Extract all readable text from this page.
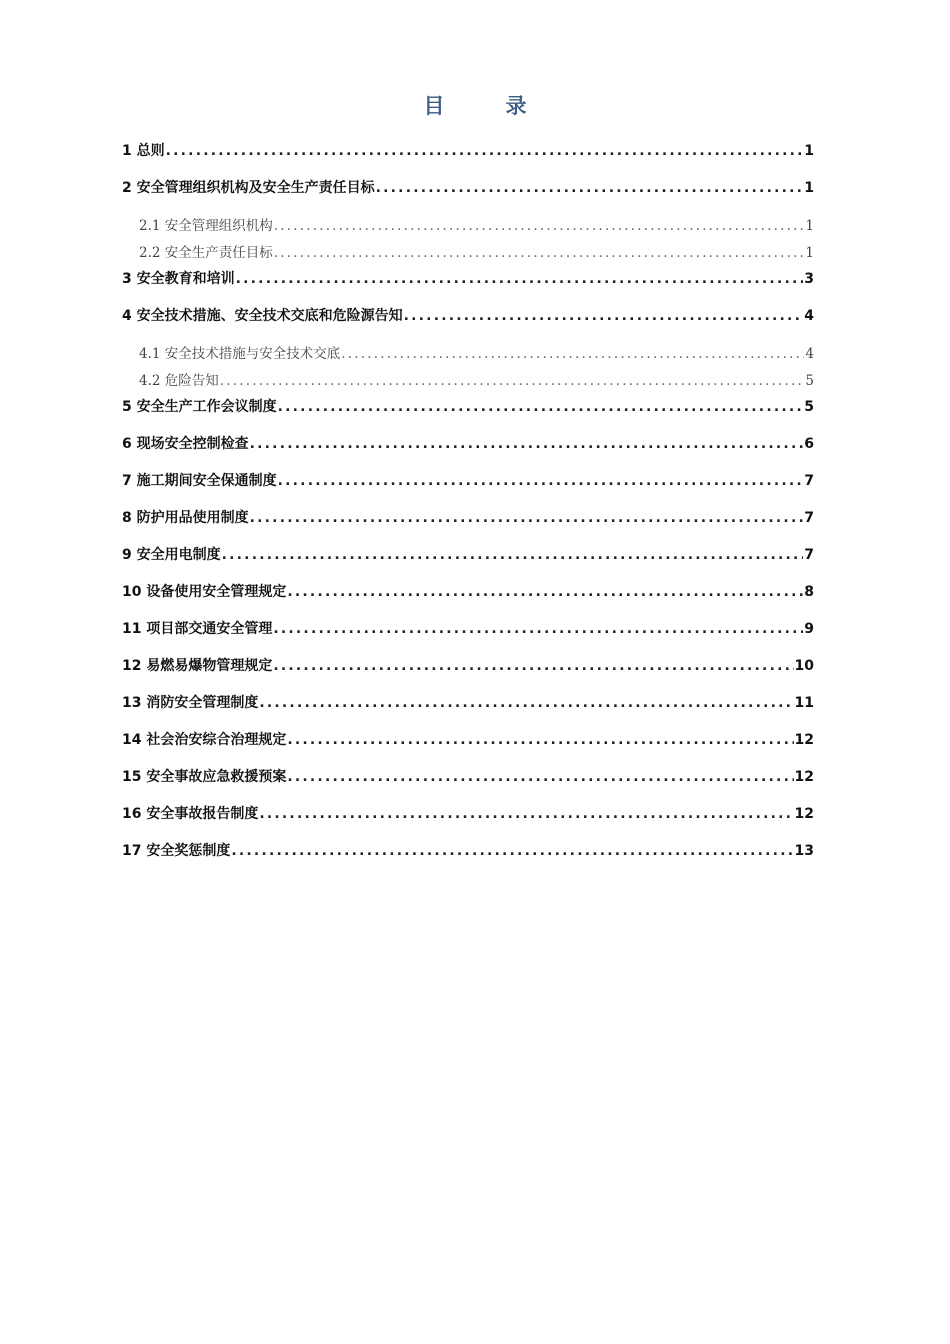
目　录
1 总则 .....	1
2 安全管理组织机构及安全生产责任目标 .....	1
2.1 安全管理组织机构 .....	1
2.2 安全生产责任目标 .....	1
3 安全教育和培训 .....	3
4 安全技术措施、安全技术交底和危险源告知 .....	4
4.1 安全技术措施与安全技术交底 .....	4
4.2 危险告知 .....	5
5 安全生产工作会议制度 .....	5
6 现场安全控制检查 .....	6
7 施工期间安全保通制度 .....	7
8 防护用品使用制度 .....	7
9 安全用电制度 .....	7
10 设备使用安全管理规定 .....	8
11 项目部交通安全管理 .....	9
12 易燃易爆物管理规定 .....	10
13 消防安全管理制度 .....	11
14 社会治安综合治理规定 .....	12
15 安全事故应急救援预案 .....	12
16 安全事故报告制度 .....	12
17 安全奖惩制度 .....	13
